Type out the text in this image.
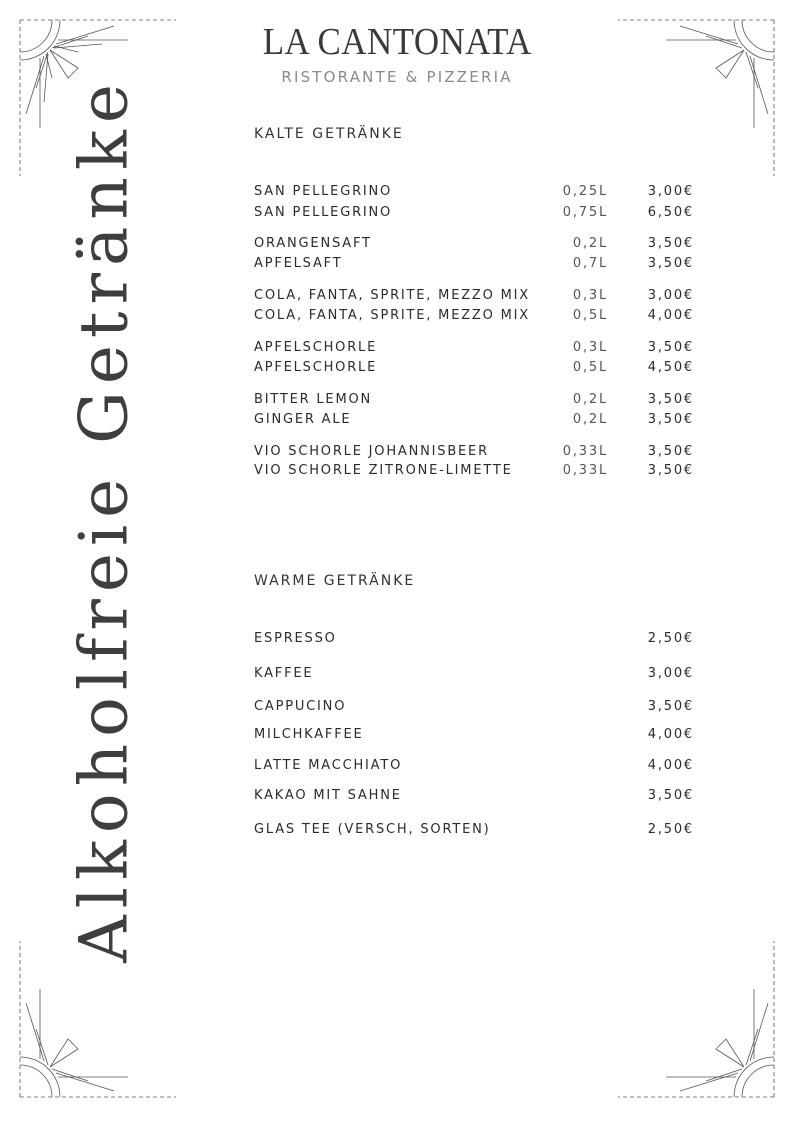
LA CANTONATA
RISTORANTE & PIZZERIA
Alkoholfreie Getränke	KALTE GETRÄNKE
SAN PELLEGRINO	0,25L	3,00€
SAN PELLEGRINO	0,75L	6,50€
ORANGENSAFT	0,2L	3,50€
APFELSAFT	0,7L	3,50€
COLA, FANTA, SPRITE, MEZZO MIX	0,3L	3,00€
COLA, FANTA, SPRITE, MEZZO MIX	0,5L	4,00€
APFELSCHORLE	0,3L	3,50€
APFELSCHORLE	0,5L	4,50€
BITTER LEMON	0,2L	3,50€
GINGER ALE	0,2L	3,50€
VIO SCHORLE JOHANNISBEER	0,33L	3,50€
VIO SCHORLE ZITRONE-LIMETTE	0,33L	3,50€
WARME GETRÄNKE
ESPRESSO	2,50€
KAFFEE	3,00€
CAPPUCINO	3,50€
MILCHKAFFEE	4,00€
LATTE MACCHIATO	4,00€
KAKAO MIT SAHNE	3,50€
GLAS TEE (VERSCH, SORTEN)	2,50€
